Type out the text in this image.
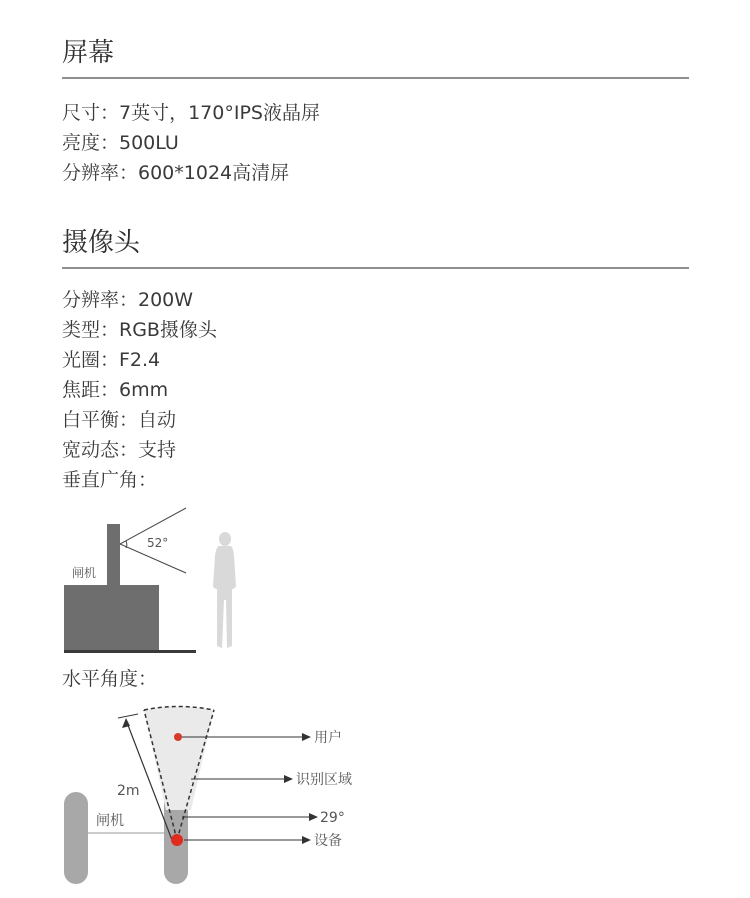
屏幕
尺寸：7英寸，170°IPS液晶屏
亮度：500LU
分辨率：600*1024高清屏
摄像头
分辨率：200W
类型：RGB摄像头
光圈：F2.4
焦距：6mm
白平衡：自动
宽动态：支持
垂直广角：
52°
闸机
水平角度：
闸机
2m
用户
识别区域
29°
设备
